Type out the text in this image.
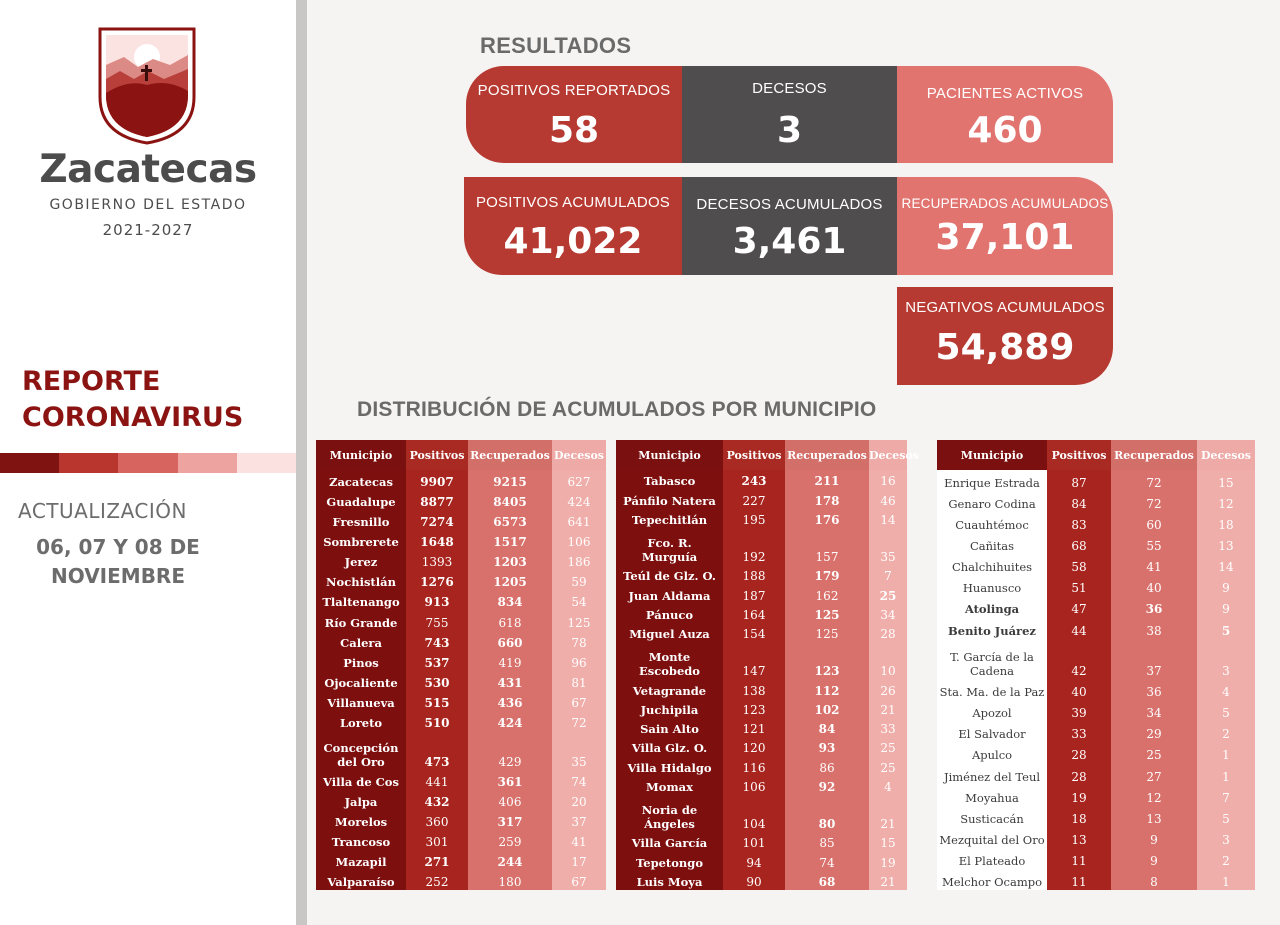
Zacatecas
GOBIERNO DEL ESTADO
2021-2027
REPORTE
CORONAVIRUS
ACTUALIZACIÓN
06, 07 Y 08 DE
NOVIEMBRE
RESULTADOS
POSITIVOS REPORTADOS
58
DECESOS
3
PACIENTES ACTIVOS
460
POSITIVOS ACUMULADOS
41,022
DECESOS ACUMULADOS
3,461
RECUPERADOS ACUMULADOS
37,101
NEGATIVOS ACUMULADOS
54,889
DISTRIBUCIÓN DE ACUMULADOS POR MUNICIPIO
Municipio	Positivos	Recuperados	Decesos
Zacatecas	9907	9215	627
Guadalupe	8877	8405	424
Fresnillo	7274	6573	641
Sombrerete	1648	1517	106
Jerez	1393	1203	186
Nochistlán	1276	1205	59
Tlaltenango	913	834	54
Río Grande	755	618	125
Calera	743	660	78
Pinos	537	419	96
Ojocaliente	530	431	81
Villanueva	515	436	67
Loreto	510	424	72
Concepción del Oro	473	429	35
Villa de Cos	441	361	74
Jalpa	432	406	20
Morelos	360	317	37
Trancoso	301	259	41
Mazapil	271	244	17
Valparaíso	252	180	67
Municipio	Positivos	Recuperados	Decesos
Tabasco	243	211	16
Pánfilo Natera	227	178	46
Tepechitlán	195	176	14
Fco. R. Murguía	192	157	35
Teúl de Glz. O.	188	179	7
Juan Aldama	187	162	25
Pánuco	164	125	34
Miguel Auza	154	125	28
Monte Escobedo	147	123	10
Vetagrande	138	112	26
Juchipila	123	102	21
Sain Alto	121	84	33
Villa Glz. O.	120	93	25
Villa Hidalgo	116	86	25
Momax	106	92	4
Noria de Ángeles	104	80	21
Villa García	101	85	15
Tepetongo	94	74	19
Luis Moya	90	68	21
Municipio	Positivos	Recuperados	Decesos
Enrique Estrada	87	72	15
Genaro Codina	84	72	12
Cuauhtémoc	83	60	18
Cañitas	68	55	13
Chalchihuites	58	41	14
Huanusco	51	40	9
Atolinga	47	36	9
Benito Juárez	44	38	5
T. García de la Cadena	42	37	3
Sta. Ma. de la Paz	40	36	4
Apozol	39	34	5
El Salvador	33	29	2
Apulco	28	25	1
Jiménez del Teul	28	27	1
Moyahua	19	12	7
Susticacán	18	13	5
Mezquital del Oro	13	9	3
El Plateado	11	9	2
Melchor Ocampo	11	8	1
